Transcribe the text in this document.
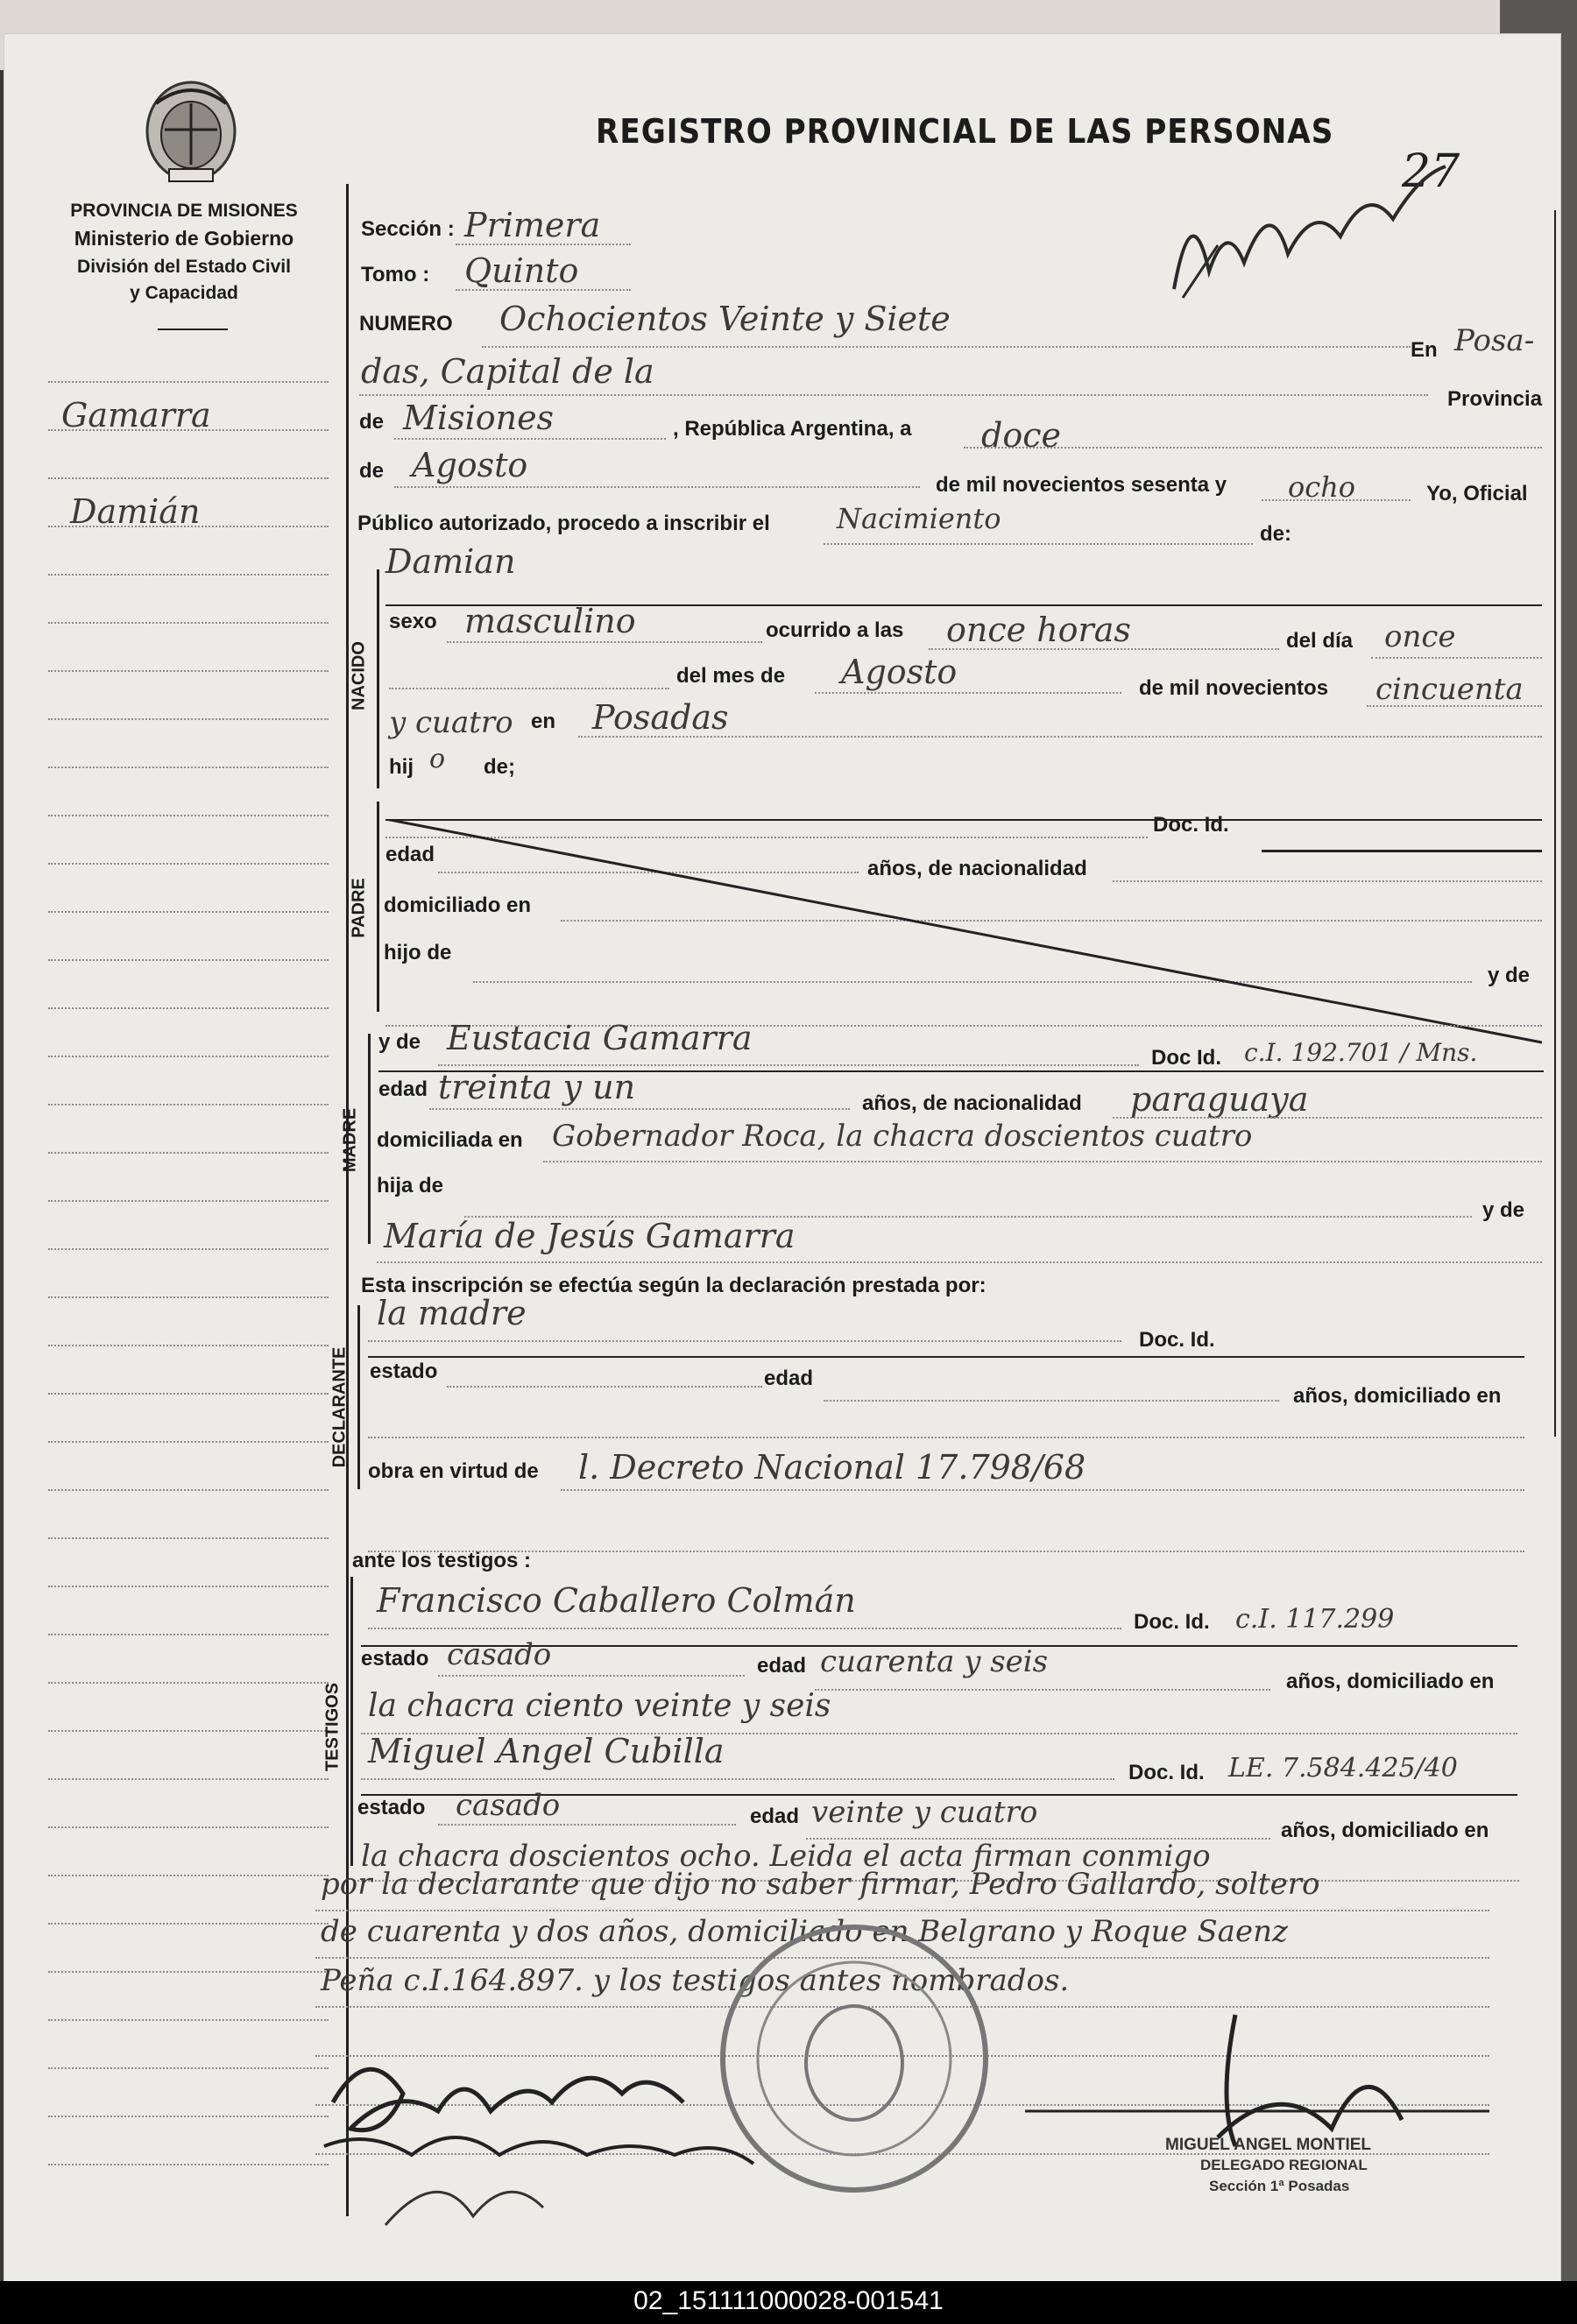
PROVINCIA DE MISIONES
Ministerio de Gobierno
División del Estado Civil
y Capacidad
REGISTRO PROVINCIAL DE LAS PERSONAS
27
Gamarra
Damián
Sección : Primera
Tomo : Quinto
NUMERO Ochocientos Veinte y Siete
En Posa-
das, Capital de la
Provincia
de Misiones	, República Argentina, a doce
de Agosto
de mil novecientos sesenta y ocho	Yo, Oficial
Público autorizado, procedo a inscribir el Nacimiento	de:
NACIDO
Damian
sexo masculino	ocurrido a las once horas	del día once
del mes de Agosto	de mil novecientos cincuenta
y cuatro en Posadas
hij o de;
PADRE
Doc. Id.
edad
años, de nacionalidad
domiciliado en
hijo de
y de
MADRE
y de Eustacia Gamarra
Doc Id. c.I. 192.701 / Mns.
edad treinta y un	años, de nacionalidad paraguaya
domiciliada en Gobernador Roca, la chacra doscientos cuatro
hija de
y de
María de Jesús Gamarra
Esta inscripción se efectúa según la declaración prestada por:
DECLARANTE
la madre
Doc. Id.
estado	edad
años, domiciliado en
obra en virtud de l. Decreto Nacional 17.798/68
ante los testigos :
TESTIGOS
Francisco Caballero Colmán
Doc. Id. c.I. 117.299
estado casado	edad cuarenta y seis
años, domiciliado en
la chacra ciento veinte y seis
Miguel Angel Cubilla
Doc. Id. LE. 7.584.425/40
estado casado	edad veinte y cuatro
años, domiciliado en
la chacra doscientos ocho. Leida el acta firman conmigo
por la declarante que dijo no saber firmar, Pedro Gallardo, soltero
de cuarenta y dos años, domiciliado en Belgrano y Roque Saenz
Peña c.I.164.897. y los testigos antes nombrados.
MIGUEL ANGEL MONTIEL
DELEGADO REGIONAL
Sección 1ª Posadas
02_151111000028-001541
